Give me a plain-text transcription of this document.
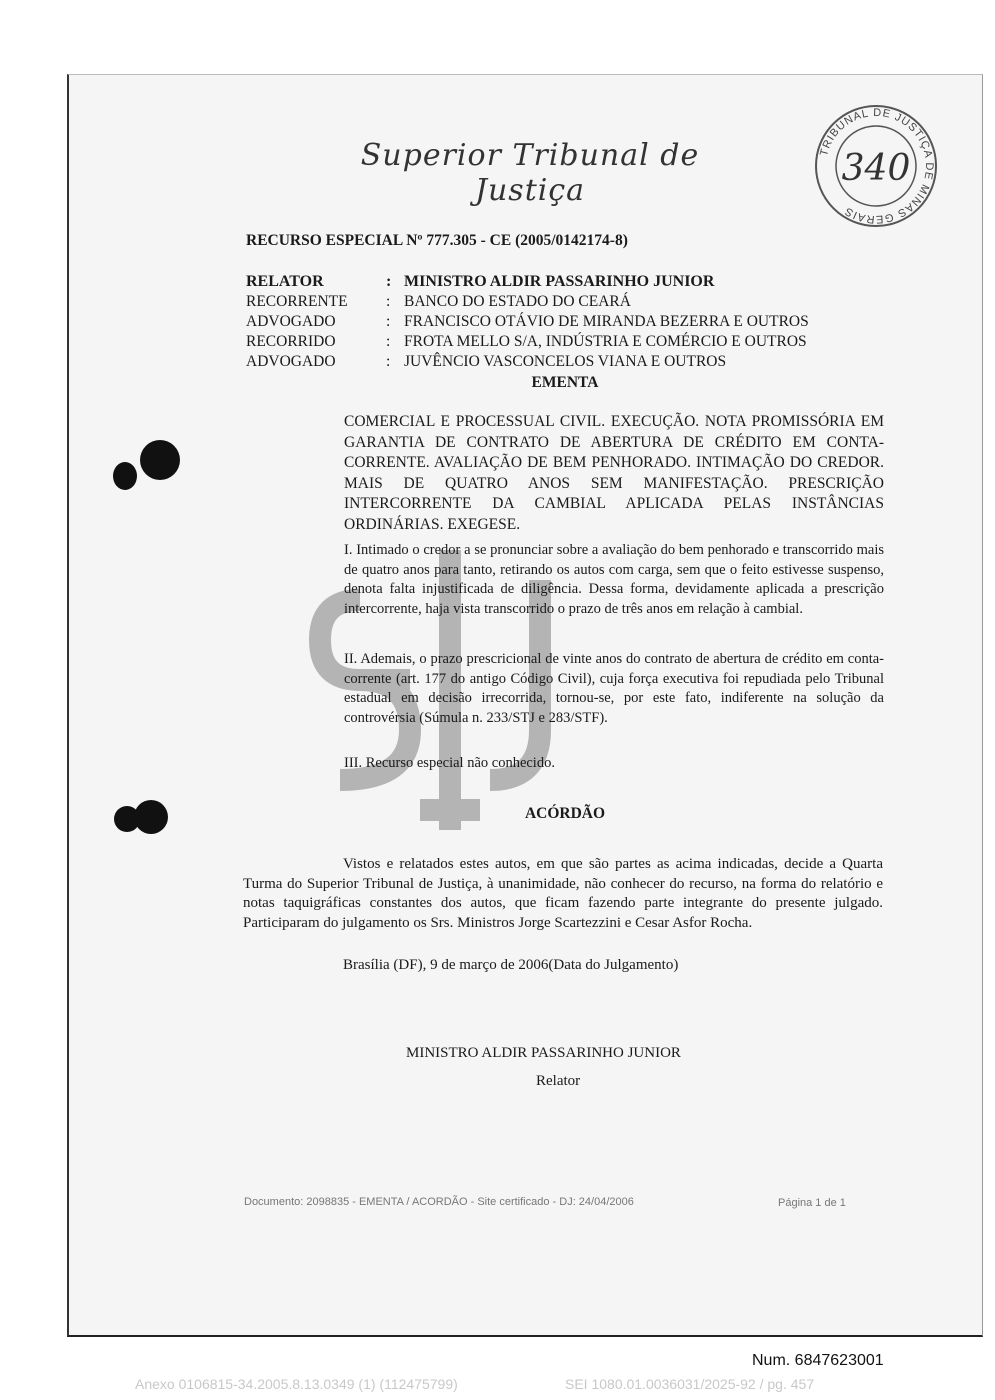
Superior Tribunal de Justiça
TRIBUNAL DE JUSTIÇA DE MINAS GERAIS
340
RECURSO ESPECIAL Nº 777.305 - CE (2005/0142174-8)
RELATOR	: MINISTRO ALDIR PASSARINHO JUNIOR
RECORRENTE	: BANCO DO ESTADO DO CEARÁ
ADVOGADO	: FRANCISCO OTÁVIO DE MIRANDA BEZERRA E OUTROS
RECORRIDO	: FROTA MELLO S/A, INDÚSTRIA E COMÉRCIO E OUTROS
ADVOGADO	: JUVÊNCIO VASCONCELOS VIANA E OUTROS
EMENTA
COMERCIAL E PROCESSUAL CIVIL. EXECUÇÃO. NOTA PROMISSÓRIA EM GARANTIA DE CONTRATO DE ABERTURA DE CRÉDITO EM CONTA-CORRENTE. AVALIAÇÃO DE BEM PENHORADO. INTIMAÇÃO DO CREDOR. MAIS DE QUATRO ANOS SEM MANIFESTAÇÃO. PRESCRIÇÃO INTERCORRENTE DA CAMBIAL APLICADA PELAS INSTÂNCIAS ORDINÁRIAS. EXEGESE.
I. Intimado o credor a se pronunciar sobre a avaliação do bem penhorado e transcorrido mais de quatro anos para tanto, retirando os autos com carga, sem que o feito estivesse suspenso, denota falta injustificada de diligência. Dessa forma, devidamente aplicada a prescrição intercorrente, haja vista transcorrido o prazo de três anos em relação à cambial.
II. Ademais, o prazo prescricional de vinte anos do contrato de abertura de crédito em conta-corrente (art. 177 do antigo Código Civil), cuja força executiva foi repudiada pelo Tribunal estadual em decisão irrecorrida, tornou-se, por este fato, indiferente na solução da controvérsia (Súmula n. 233/STJ e 283/STF).
III. Recurso especial não conhecido.
ACÓRDÃO
Vistos e relatados estes autos, em que são partes as acima indicadas, decide a Quarta Turma do Superior Tribunal de Justiça, à unanimidade, não conhecer do recurso, na forma do relatório e notas taquigráficas constantes dos autos, que ficam fazendo parte integrante do presente julgado. Participaram do julgamento os Srs. Ministros Jorge Scartezzini e Cesar Asfor Rocha.
Brasília (DF), 9 de março de 2006(Data do Julgamento)
MINISTRO ALDIR PASSARINHO JUNIOR
Relator
Documento: 2098835 - EMENTA / ACORDÃO - Site certificado - DJ: 24/04/2006	Página 1 de 1
Num. 6847623001
Anexo 0106815-34.2005.8.13.0349 (1) (112475799)	SEI 1080.01.0036031/2025-92 / pg. 457
